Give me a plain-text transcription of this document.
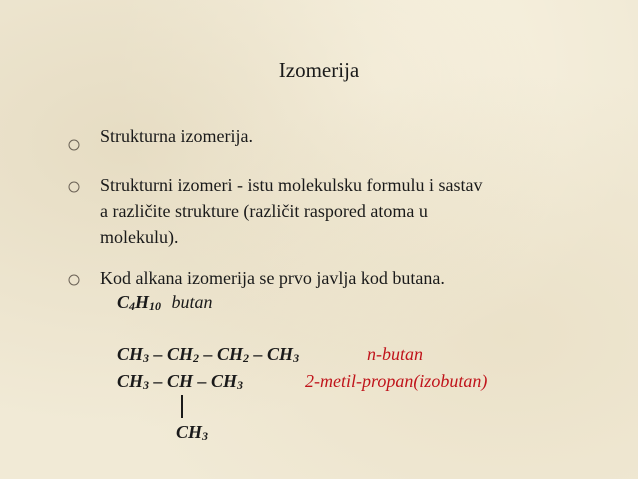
Izomerija
Strukturna izomerija.
Strukturni izomeri - istu molekulsku formulu i sastav
a različite strukture (različit raspored atoma u
molekulu).
Kod alkana izomerija se prvo javlja kod butana.
$C_4H_{10}$ butan
$CH_3 - CH_2 - CH_2 - CH_3$	n-butan
$CH_3$ – CH – $CH_3$	2-metil-propan(izobutan)
$CH_3$
